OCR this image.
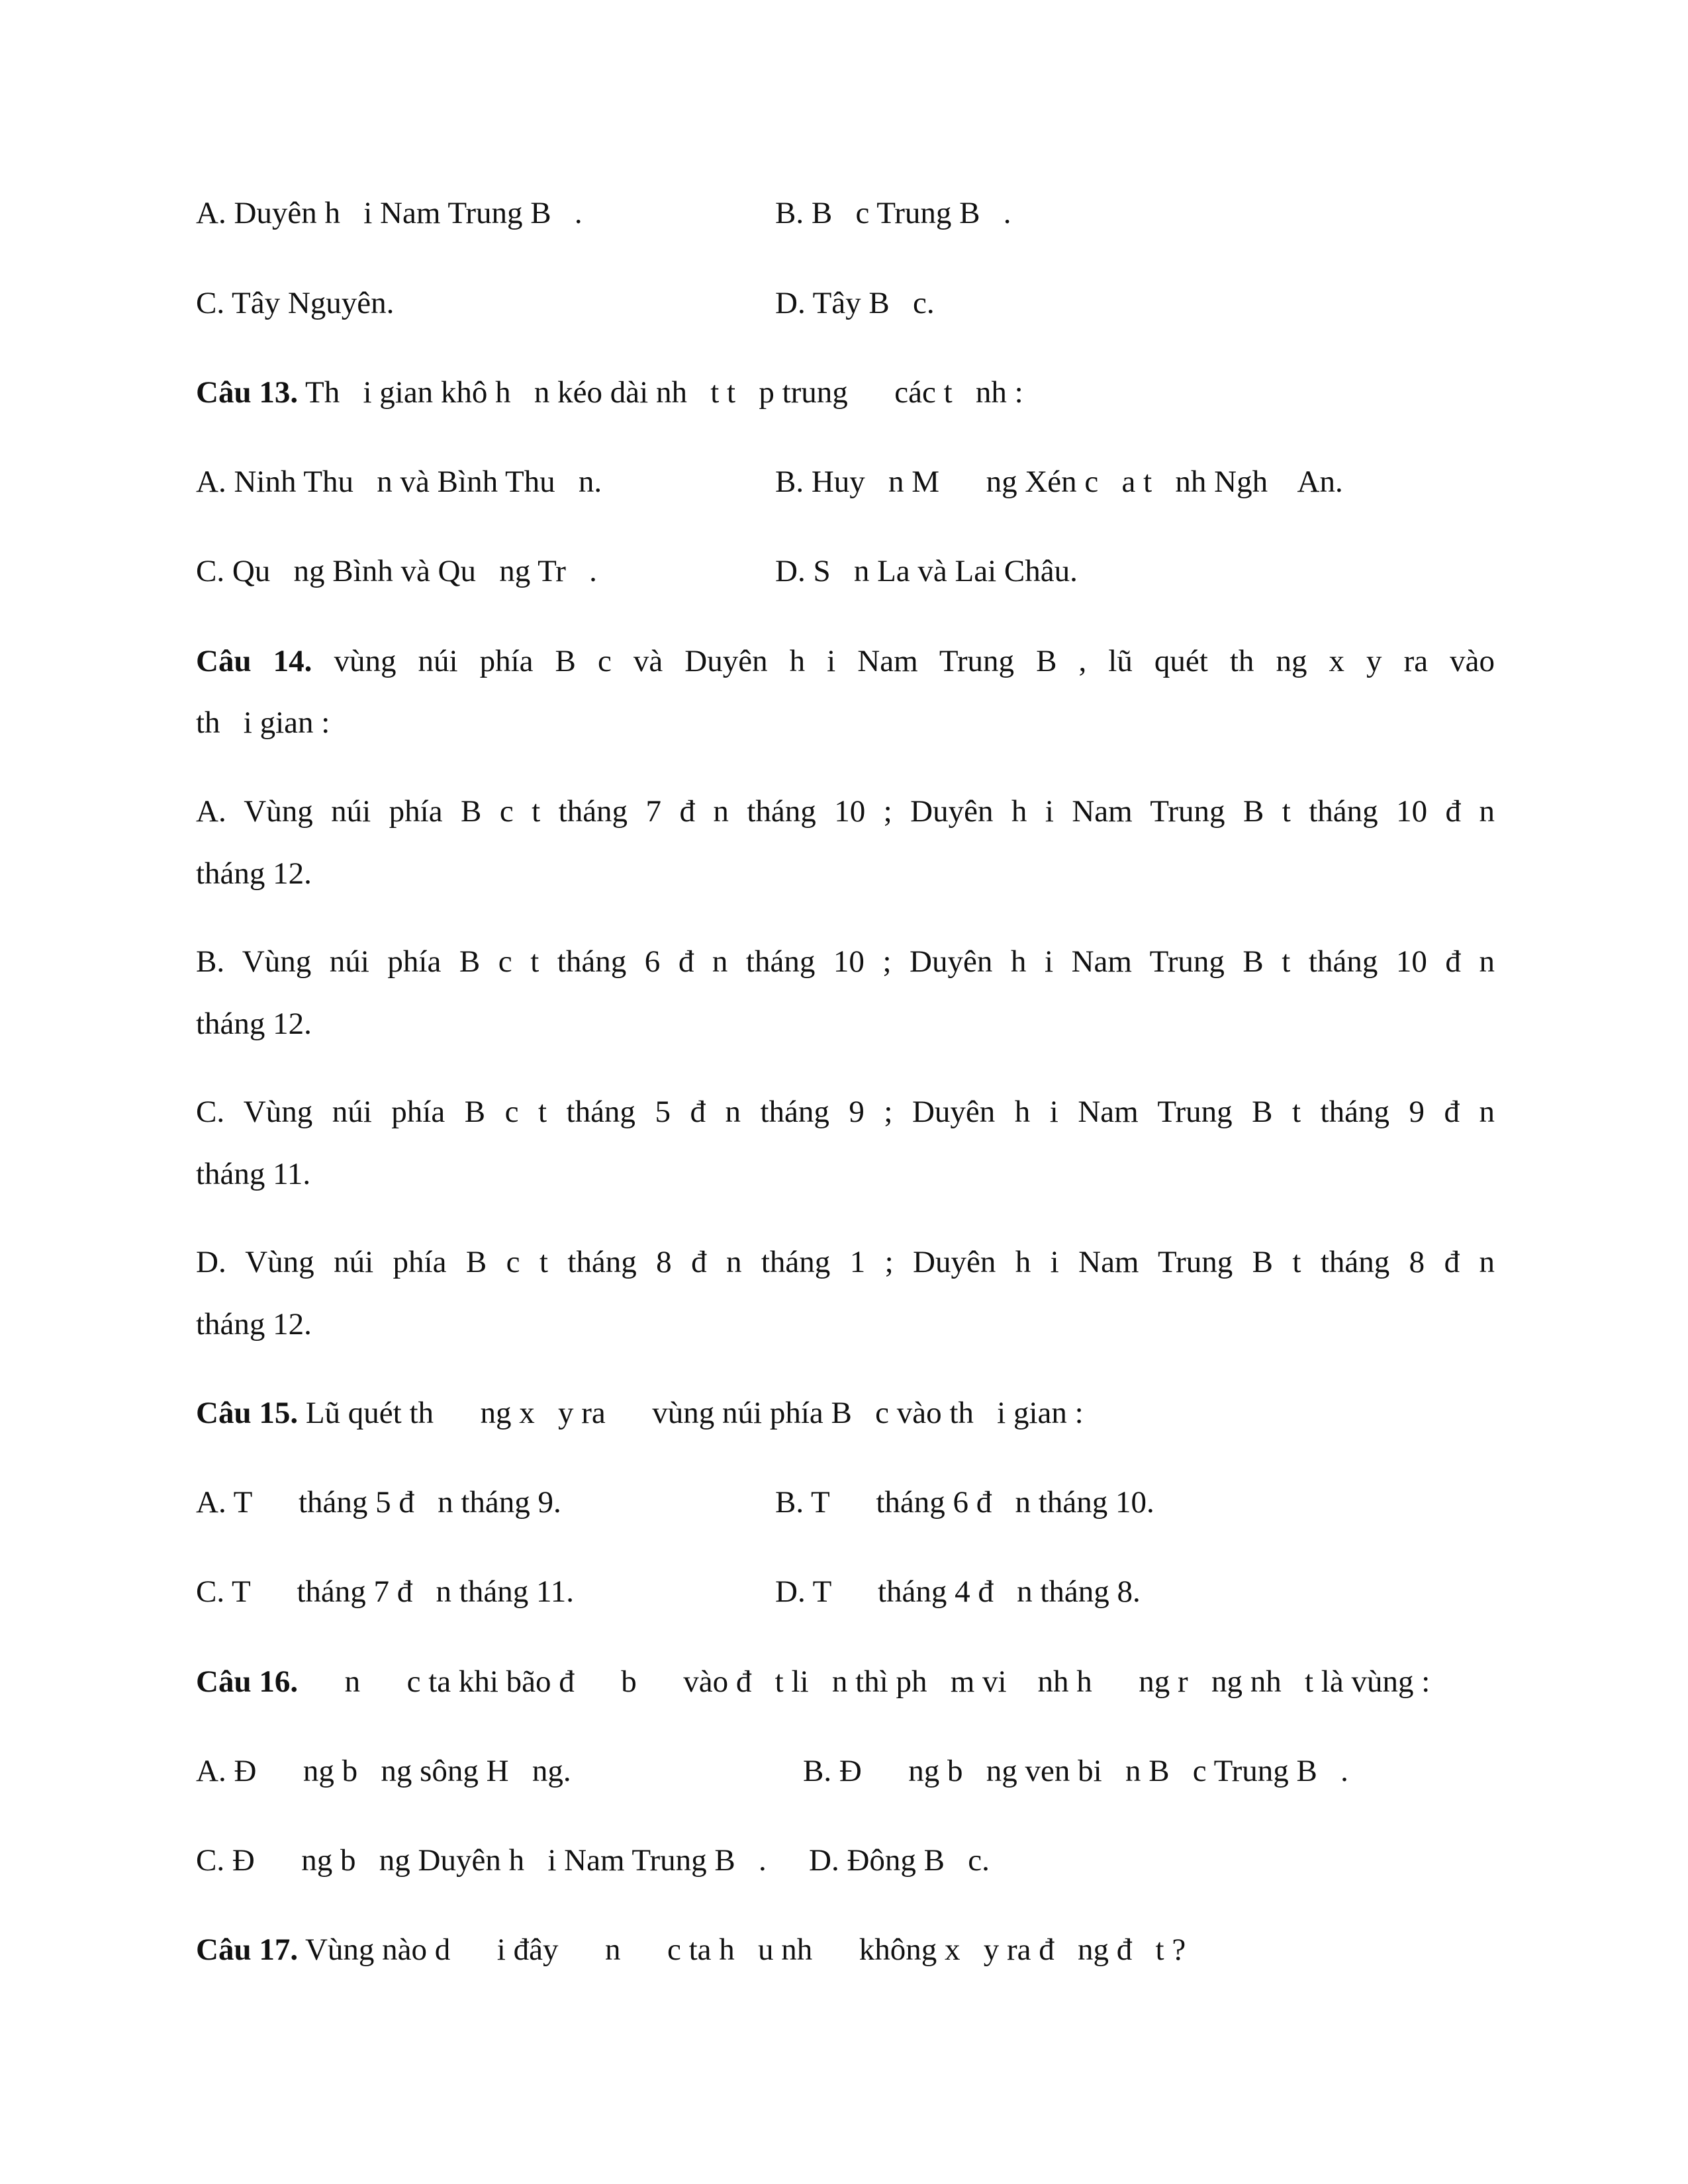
A. Duyên h   i Nam Trung B   .	B. B   c Trung B   .
C. Tây Nguyên.	D. Tây B   c.
Câu 13. Th   i gian khô h   n kéo dài nh   t t   p trung      các t   nh :
A. Ninh Thu   n và Bình Thu   n.	B. Huy   n M      ng Xén c   a t   nh Ngh    An.
C. Qu   ng Bình và Qu   ng Tr   .	D. S   n La và Lai Châu.
Câu 14. vùng núi phía B c và Duyên h i Nam Trung B , lũ quét th ng x y ra vào
th   i gian :
A. Vùng núi phía B c t tháng 7 đ n tháng 10 ; Duyên h i Nam Trung B t tháng 10 đ n
tháng 12.
B. Vùng núi phía B c t tháng 6 đ n tháng 10 ; Duyên h i Nam Trung B t tháng 10 đ n
tháng 12.
C. Vùng núi phía B c t tháng 5 đ n tháng 9 ; Duyên h i Nam Trung B t tháng 9 đ n
tháng 11.
D. Vùng núi phía B c t tháng 8 đ n tháng 1 ; Duyên h i Nam Trung B t tháng 8 đ n
tháng 12.
Câu 15. Lũ quét th      ng x   y ra      vùng núi phía B   c vào th   i gian :
A. T      tháng 5 đ   n tháng 9.	B. T      tháng 6 đ   n tháng 10.
C. T      tháng 7 đ   n tháng 11.	D. T      tháng 4 đ   n tháng 8.
Câu 16.      n      c ta khi bão đ      b      vào đ   t li   n thì ph   m vi    nh h      ng r   ng nh   t là vùng :
A. Đ      ng b   ng sông H   ng.	B. Đ      ng b   ng ven bi   n B   c Trung B   .
C. Đ      ng b   ng Duyên h   i Nam Trung B   . D. Đông B   c.
Câu 17. Vùng nào d      i đây      n      c ta h   u nh      không x   y ra đ   ng đ   t ?
